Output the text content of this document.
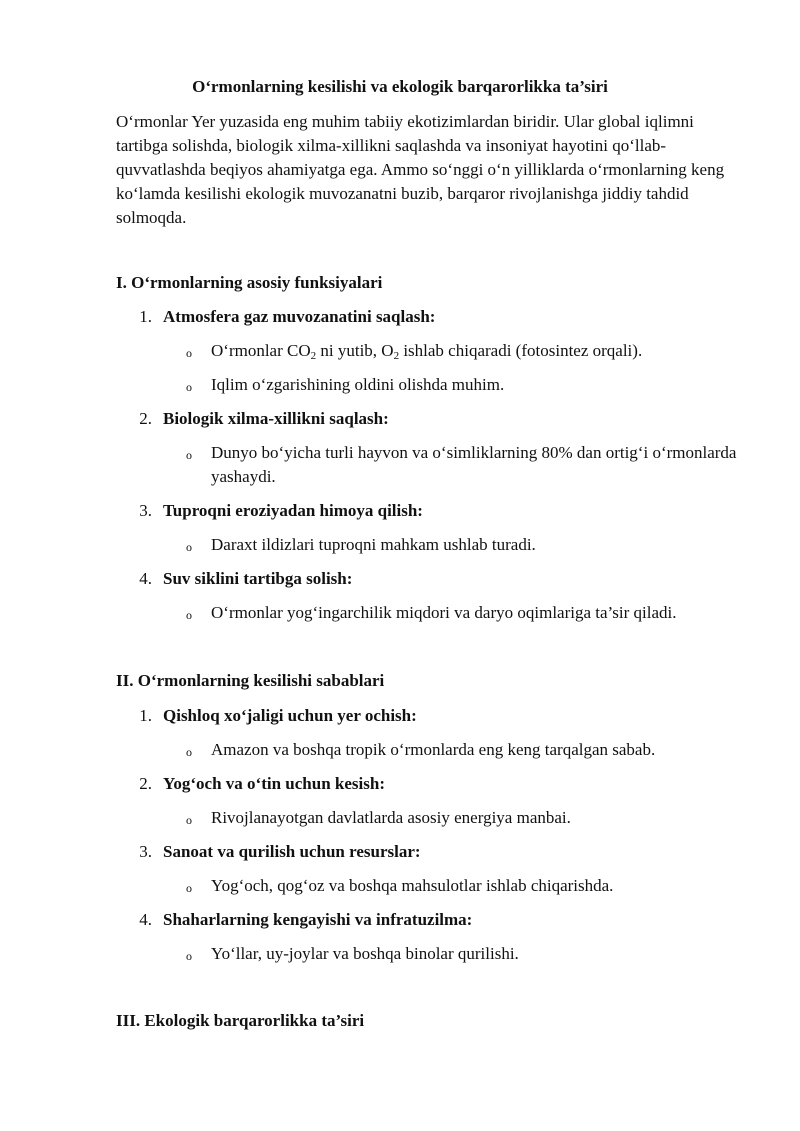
O‘rmonlarning kesilishi va ekologik barqarorlikka ta’siri
O‘rmonlar Yer yuzasida eng muhim tabiiy ekotizimlardan biridir. Ular global iqlimni tartibga solishda, biologik xilma-xillikni saqlashda va insoniyat hayotini qo‘llab-quvvatlashda beqiyos ahamiyatga ega. Ammo so‘nggi o‘n yilliklarda o‘rmonlarning keng ko‘lamda kesilishi ekologik muvozanatni buzib, barqaror rivojlanishga jiddiy tahdid solmoqda.
I. O‘rmonlarning asosiy funksiyalari
1. Atmosfera gaz muvozanatini saqlash:
o O‘rmonlar $CO_2$ ni yutib, $O_2$ ishlab chiqaradi (fotosintez orqali).
o Iqlim o‘zgarishining oldini olishda muhim.
2. Biologik xilma-xillikni saqlash:
o Dunyo bo‘yicha turli hayvon va o‘simliklarning 80% dan ortig‘i o‘rmonlarda yashaydi.
3. Tuproqni eroziyadan himoya qilish:
o Daraxt ildizlari tuproqni mahkam ushlab turadi.
4. Suv siklini tartibga solish:
o O‘rmonlar yog‘ingarchilik miqdori va daryo oqimlariga ta’sir qiladi.
II. O‘rmonlarning kesilishi sabablari
1. Qishloq xo‘jaligi uchun yer ochish:
o Amazon va boshqa tropik o‘rmonlarda eng keng tarqalgan sabab.
2. Yog‘och va o‘tin uchun kesish:
o Rivojlanayotgan davlatlarda asosiy energiya manbai.
3. Sanoat va qurilish uchun resurslar:
o Yog‘och, qog‘oz va boshqa mahsulotlar ishlab chiqarishda.
4. Shaharlarning kengayishi va infratuzilma:
o Yo‘llar, uy-joylar va boshqa binolar qurilishi.
III. Ekologik barqarorlikka ta’siri
